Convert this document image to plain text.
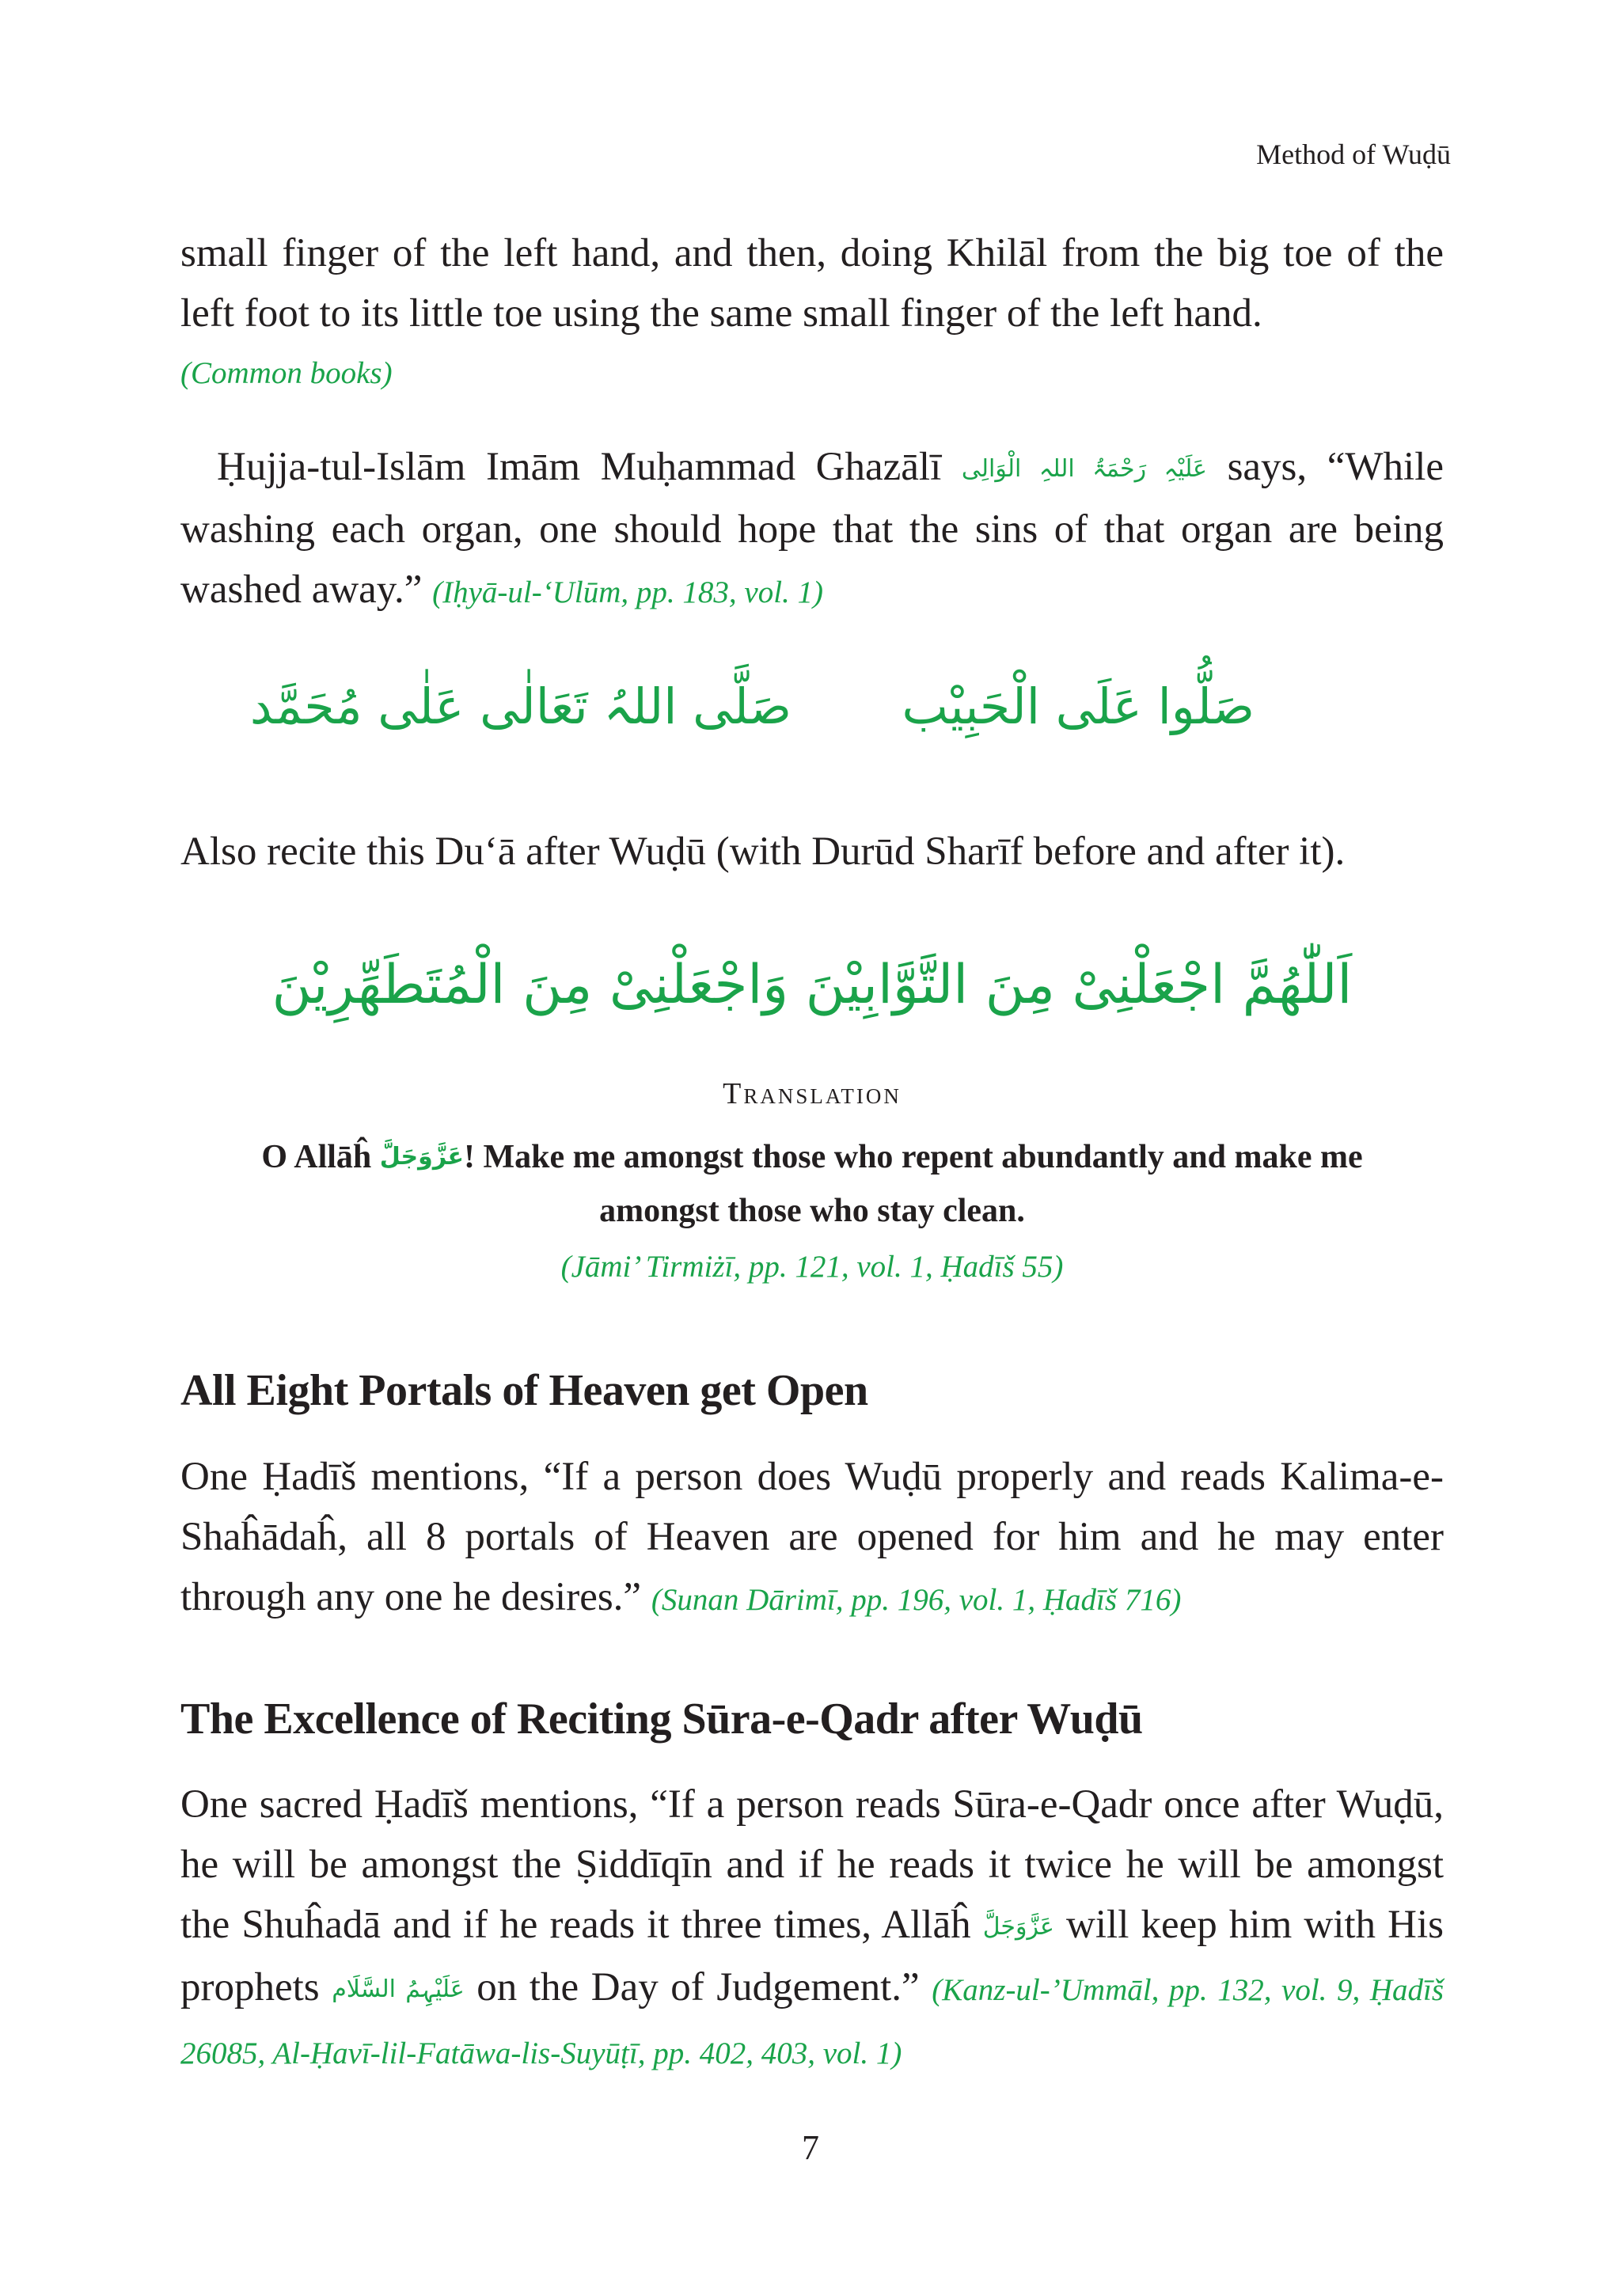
Method of Wuḍū
small finger of the left hand, and then, doing Khilāl from the big toe of the left foot to its little toe using the same small finger of the left hand.
(Common books)
Ḥujja-tul-Islām Imām Muḥammad Ghazālī عَلَیْہِ رَحْمَۃُ اللہِ الْوَالِی says, “While washing each organ, one should hope that the sins of that organ are being washed away.” (Iḥyā-ul-‘Ulūm, pp. 183, vol. 1)
صَلُّوا عَلَی الْحَبِیْب
صَلَّی اللہُ تَعَالٰی عَلٰی مُحَمَّد
Also recite this Du‘ā after Wuḍū (with Durūd Sharīf before and after it).
اَللّٰھُمَّ اجْعَلْنِیْ مِنَ التَّوَّابِیْنَ وَاجْعَلْنِیْ مِنَ الْمُتَطَهِّرِیْنَ
Translation
O Allāĥ عَزَّوَجَلَّ! Make me amongst those who repent abundantly and make me amongst those who stay clean.
(Jāmi’ Tirmiżī, pp. 121, vol. 1, Ḥadīš 55)
All Eight Portals of Heaven get Open
One Ḥadīš mentions, “If a person does Wuḍū properly and reads Kalima-e-Shaĥādaĥ, all 8 portals of Heaven are opened for him and he may enter through any one he desires.” (Sunan Dārimī, pp. 196, vol. 1, Ḥadīš 716)
The Excellence of Reciting Sūra-e-Qadr after Wuḍū
One sacred Ḥadīš mentions, “If a person reads Sūra-e-Qadr once after Wuḍū, he will be amongst the Ṣiddīqīn and if he reads it twice he will be amongst the Shuĥadā and if he reads it three times, Allāĥ عَزَّوَجَلَّ will keep him with His prophets عَلَیْہِمُ السَّلَام on the Day of Judgement.” (Kanz-ul-’Ummāl, pp. 132, vol. 9, Ḥadīš 26085, Al-Ḥavī-lil-Fatāwa-lis-Suyūṭī, pp. 402, 403, vol. 1)
7
